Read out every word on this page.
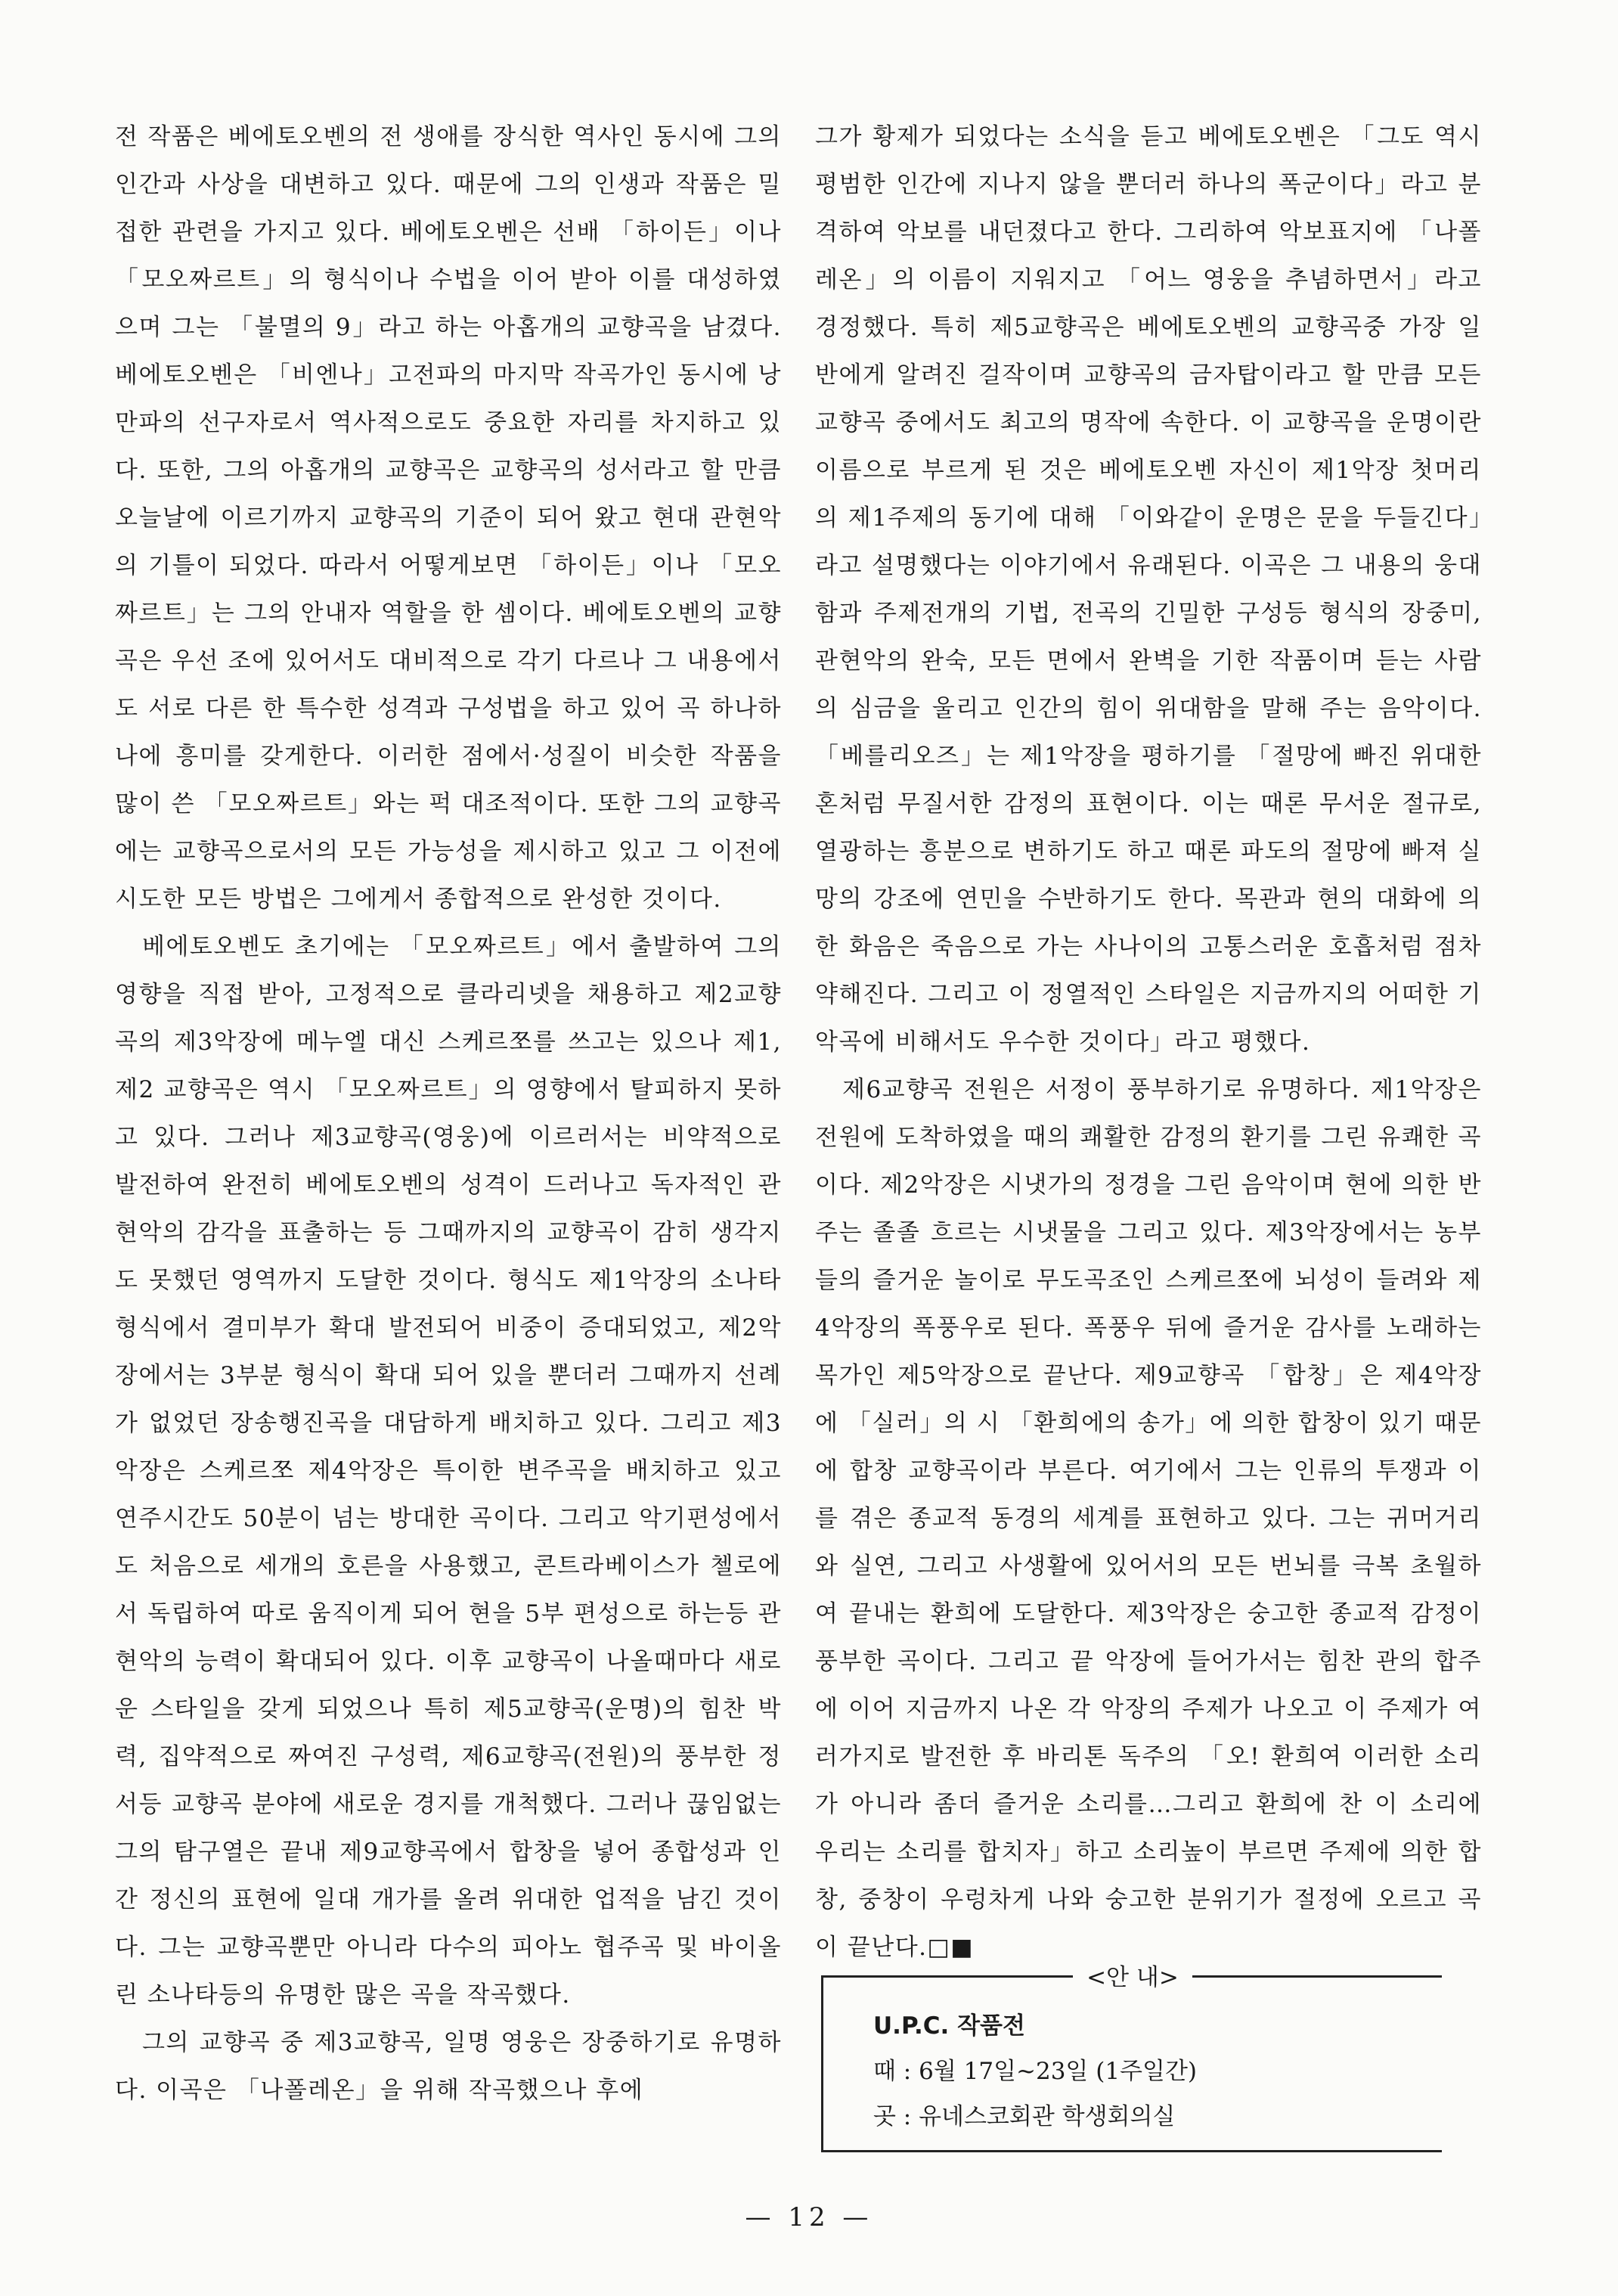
전 작품은 베에토오벤의 전 생애를 장식한 역사인 동시에 그의 인간과 사상을 대변하고 있다. 때문에 그의 인생과 작품은 밀접한 관련을 가지고 있다. 베에토오벤은 선배 「하이든」이나 「모오짜르트」의 형식이나 수법을 이어 받아 이를 대성하였으며 그는 「불멸의 9」라고 하는 아홉개의 교향곡을 남겼다. 베에토오벤은 「비엔나」고전파의 마지막 작곡가인 동시에 낭만파의 선구자로서 역사적으로도 중요한 자리를 차지하고 있다. 또한, 그의 아홉개의 교향곡은 교향곡의 성서라고 할 만큼 오늘날에 이르기까지 교향곡의 기준이 되어 왔고 현대 관현악의 기틀이 되었다. 따라서 어떻게보면 「하이든」이나 「모오짜르트」는 그의 안내자 역할을 한 셈이다. 베에토오벤의 교향곡은 우선 조에 있어서도 대비적으로 각기 다르나 그 내용에서도 서로 다른 한 특수한 성격과 구성법을 하고 있어 곡 하나하나에 흥미를 갖게한다. 이러한 점에서·성질이 비슷한 작품을 많이 쓴 「모오짜르트」와는 퍽 대조적이다. 또한 그의 교향곡에는 교향곡으로서의 모든 가능성을 제시하고 있고 그 이전에 시도한 모든 방법은 그에게서 종합적으로 완성한 것이다.

베에토오벤도 초기에는 「모오짜르트」에서 출발하여 그의 영향을 직접 받아, 고정적으로 클라리넷을 채용하고 제2교향곡의 제3악장에 메누엘 대신 스케르쪼를 쓰고는 있으나 제1, 제2 교향곡은 역시 「모오짜르트」의 영향에서 탈피하지 못하고 있다. 그러나 제3교향곡(영웅)에 이르러서는 비약적으로 발전하여 완전히 베에토오벤의 성격이 드러나고 독자적인 관현악의 감각을 표출하는 등 그때까지의 교향곡이 감히 생각지도 못했던 영역까지 도달한 것이다. 형식도 제1악장의 소나타 형식에서 결미부가 확대 발전되어 비중이 증대되었고, 제2악장에서는 3부분 형식이 확대 되어 있을 뿐더러 그때까지 선례가 없었던 장송행진곡을 대담하게 배치하고 있다. 그리고 제3악장은 스케르쪼 제4악장은 특이한 변주곡을 배치하고 있고 연주시간도 50분이 넘는 방대한 곡이다. 그리고 악기편성에서도 처음으로 세개의 호른을 사용했고, 콘트라베이스가 첼로에서 독립하여 따로 움직이게 되어 현을 5부 편성으로 하는등 관현악의 능력이 확대되어 있다. 이후 교향곡이 나올때마다 새로운 스타일을 갖게 되었으나 특히 제5교향곡(운명)의 힘찬 박력, 집약적으로 짜여진 구성력, 제6교향곡(전원)의 풍부한 정서등 교향곡 분야에 새로운 경지를 개척했다. 그러나 끊임없는 그의 탐구열은 끝내 제9교향곡에서 합창을 넣어 종합성과 인간 정신의 표현에 일대 개가를 올려 위대한 업적을 남긴 것이다. 그는 교향곡뿐만 아니라 다수의 피아노 협주곡 및 바이올린 소나타등의 유명한 많은 곡을 작곡했다.

그의 교향곡 중 제3교향곡, 일명 영웅은 장중하기로 유명하다. 이곡은 「나폴레온」을 위해 작곡했으나 후에

그가 황제가 되었다는 소식을 듣고 베에토오벤은 「그도 역시 평범한 인간에 지나지 않을 뿐더러 하나의 폭군이다」라고 분격하여 악보를 내던졌다고 한다. 그리하여 악보표지에 「나폴레온」의 이름이 지워지고 「어느 영웅을 추념하면서」라고 경정했다. 특히 제5교향곡은 베에토오벤의 교향곡중 가장 일반에게 알려진 걸작이며 교향곡의 금자탑이라고 할 만큼 모든 교향곡 중에서도 최고의 명작에 속한다. 이 교향곡을 운명이란 이름으로 부르게 된 것은 베에토오벤 자신이 제1악장 첫머리의 제1주제의 동기에 대해 「이와같이 운명은 문을 두들긴다」라고 설명했다는 이야기에서 유래된다. 이곡은 그 내용의 웅대함과 주제전개의 기법, 전곡의 긴밀한 구성등 형식의 장중미, 관현악의 완숙, 모든 면에서 완벽을 기한 작품이며 듣는 사람의 심금을 울리고 인간의 힘이 위대함을 말해 주는 음악이다. 「베를리오즈」는 제1악장을 평하기를 「절망에 빠진 위대한 혼처럼 무질서한 감정의 표현이다. 이는 때론 무서운 절규로, 열광하는 흥분으로 변하기도 하고 때론 파도의 절망에 빠져 실망의 강조에 연민을 수반하기도 한다. 목관과 현의 대화에 의한 화음은 죽음으로 가는 사나이의 고통스러운 호흡처럼 점차 약해진다. 그리고 이 정열적인 스타일은 지금까지의 어떠한 기악곡에 비해서도 우수한 것이다」라고 평했다.

제6교향곡 전원은 서정이 풍부하기로 유명하다. 제1악장은 전원에 도착하였을 때의 쾌활한 감정의 환기를 그린 유쾌한 곡이다. 제2악장은 시냇가의 정경을 그린 음악이며 현에 의한 반주는 졸졸 흐르는 시냇물을 그리고 있다. 제3악장에서는 농부들의 즐거운 놀이로 무도곡조인 스케르쪼에 뇌성이 들려와 제4악장의 폭풍우로 된다. 폭풍우 뒤에 즐거운 감사를 노래하는 목가인 제5악장으로 끝난다. 제9교향곡 「합창」은 제4악장에 「실러」의 시 「환희에의 송가」에 의한 합창이 있기 때문에 합창 교향곡이라 부른다. 여기에서 그는 인류의 투쟁과 이를 겪은 종교적 동경의 세계를 표현하고 있다. 그는 귀머거리와 실연, 그리고 사생활에 있어서의 모든 번뇌를 극복 초월하여 끝내는 환희에 도달한다. 제3악장은 숭고한 종교적 감정이 풍부한 곡이다. 그리고 끝 악장에 들어가서는 힘찬 관의 합주에 이어 지금까지 나온 각 악장의 주제가 나오고 이 주제가 여러가지로 발전한 후 바리톤 독주의 「오! 환희여 이러한 소리가 아니라 좀더 즐거운 소리를…그리고 환희에 찬 이 소리에 우리는 소리를 합치자」하고 소리높이 부르면 주제에 의한 합창, 중창이 우렁차게 나와 숭고한 분위기가 절정에 오르고 곡이 끝난다.□■

<안 내>
U.P.C. 작품전
때 : 6월 17일~23일 (1주일간)
곳 : 유네스코회관 학생회의실
— 12 —
